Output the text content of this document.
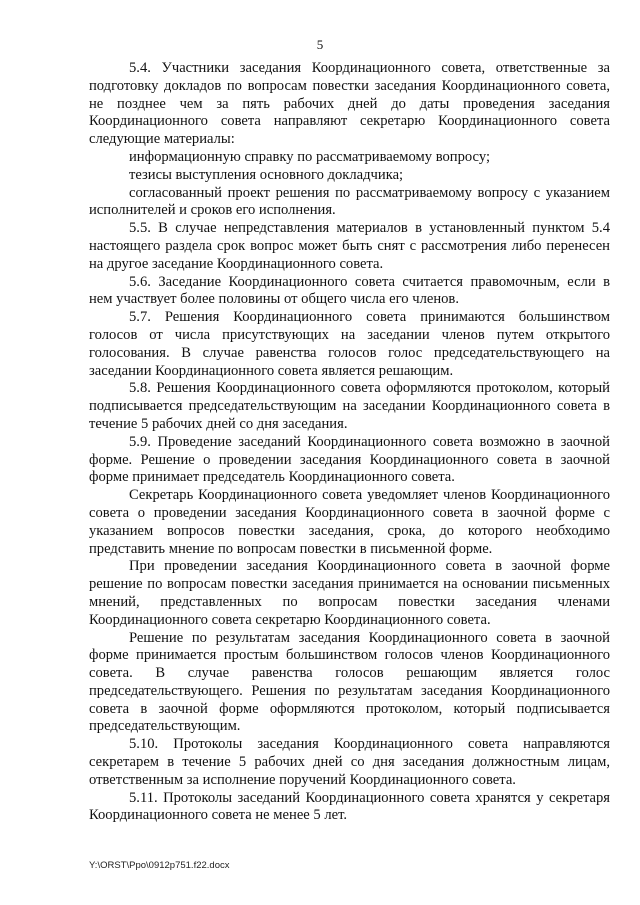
5

5.4. Участники заседания Координационного совета, ответственные за подготовку докладов по вопросам повестки заседания Координационного совета, не позднее чем за пять рабочих дней до даты проведения заседания Координационного совета направляют секретарю Координационного совета следующие материалы:

информационную справку по рассматриваемому вопросу;

тезисы выступления основного докладчика;

согласованный проект решения по рассматриваемому вопросу с указанием исполнителей и сроков его исполнения.

5.5. В случае непредставления материалов в установленный пунктом 5.4 настоящего раздела срок вопрос может быть снят с рассмотрения либо перенесен на другое заседание Координационного совета.

5.6. Заседание Координационного совета считается правомочным, если в нем участвует более половины от общего числа его членов.

5.7. Решения Координационного совета принимаются большинством голосов от числа присутствующих на заседании членов путем открытого голосования. В случае равенства голосов голос председательствующего на заседании Координационного совета является решающим.

5.8. Решения Координационного совета оформляются протоколом, который подписывается председательствующим на заседании Координационного совета в течение 5 рабочих дней со дня заседания.

5.9. Проведение заседаний Координационного совета возможно в заочной форме. Решение о проведении заседания Координационного совета в заочной форме принимает председатель Координационного совета.

Секретарь Координационного совета уведомляет членов Координационного совета о проведении заседания Координационного совета в заочной форме с указанием вопросов повестки заседания, срока, до которого необходимо представить мнение по вопросам повестки в письменной форме.

При проведении заседания Координационного совета в заочной форме решение по вопросам повестки заседания принимается на основании письменных мнений, представленных по вопросам повестки заседания членами Координационного совета секретарю Координационного совета.

Решение по результатам заседания Координационного совета в заочной форме принимается простым большинством голосов членов Координационного совета. В случае равенства голосов решающим является голос председательствующего. Решения по результатам заседания Координационного совета в заочной форме оформляются протоколом, который подписывается председательствующим.

5.10. Протоколы заседания Координационного совета направляются секретарем в течение 5 рабочих дней со дня заседания должностным лицам, ответственным за исполнение поручений Координационного совета.

5.11. Протоколы заседаний Координационного совета хранятся у секретаря Координационного совета не менее 5 лет.

Y:\ORST\Ppo\0912p751.f22.docx
